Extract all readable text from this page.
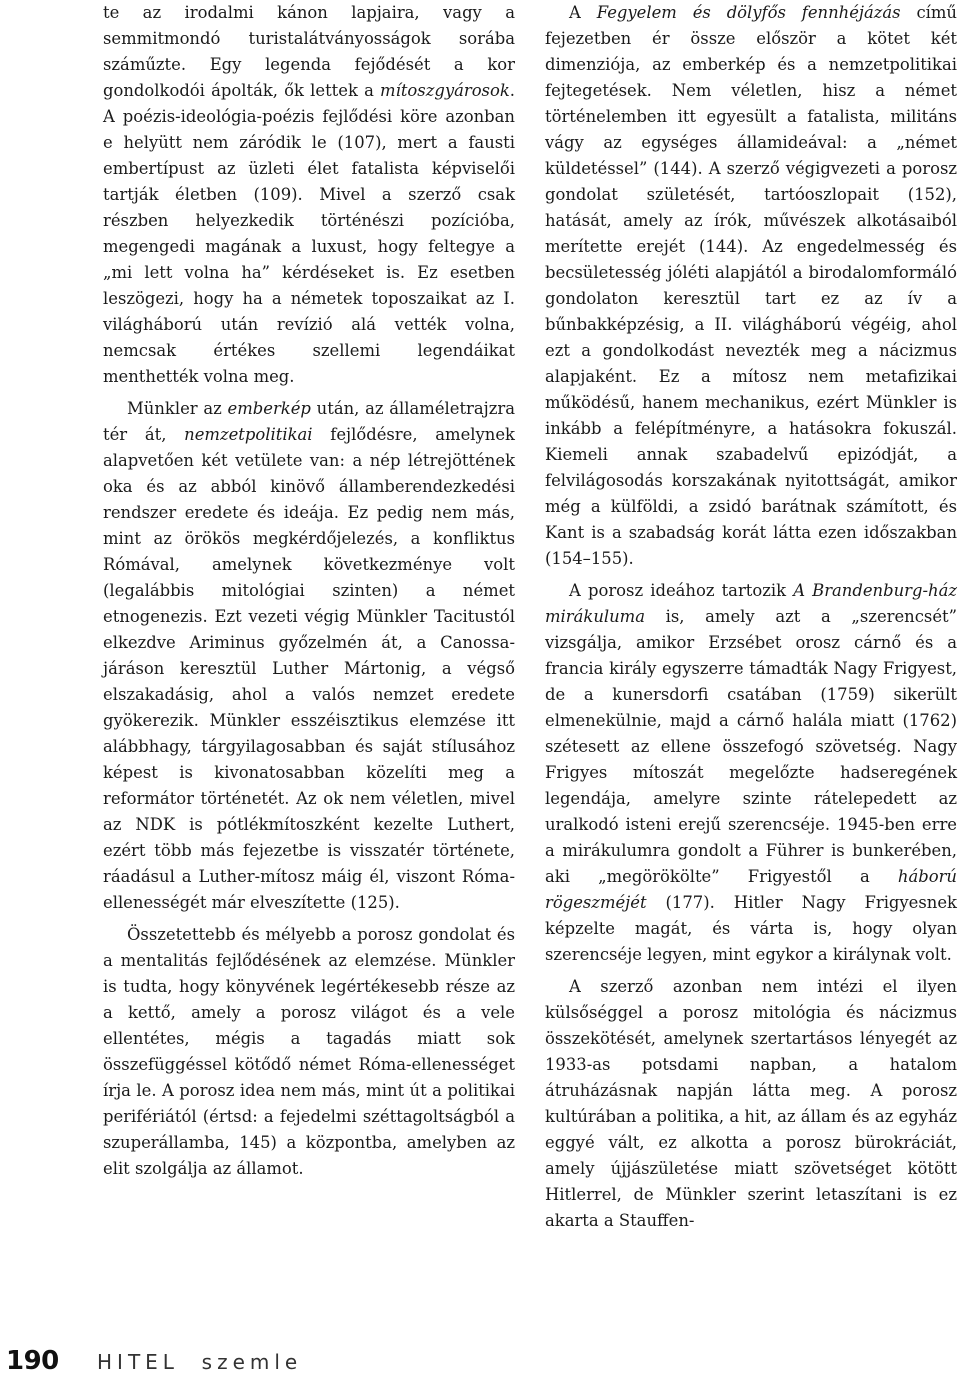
te az irodalmi kánon lapjaira, vagy a semmitmondó turistalátványosságok sorába száműzte. Egy legenda fejődését a kor gondolkodói ápolták, ők lettek a mítoszgyárosok. A poézis-ideológia-poézis fejlődési köre azonban e helyütt nem záródik le (107), mert a fausti embertípust az üzleti élet fatalista képviselői tartják életben (109). Mivel a szerző csak részben helyezkedik történészi pozícióba, megengedi magának a luxust, hogy feltegye a „mi lett volna ha” kérdéseket is. Ez esetben leszögezi, hogy ha a németek toposzaikat az I. világháború után revízió alá vették volna, nemcsak értékes szellemi legendáikat menthették volna meg.

Münkler az emberkép után, az államéletrajzra tér át, nemzetpolitikai fejlődésre, amelynek alapvetően két vetülete van: a nép létrejöttének oka és az abból kinövő államberendezkedési rendszer eredete és ideája. Ez pedig nem más, mint az örökös megkérdőjelezés, a konfliktus Rómával, amelynek következménye volt (legalábbis mitológiai szinten) a német etnogenezis. Ezt vezeti végig Münkler Tacitustól elkezdve Ariminus győzelmén át, a Canossa-járáson keresztül Luther Mártonig, a végső elszakadásig, ahol a valós nemzet eredete gyökerezik. Münkler esszéisztikus elemzése itt alábbhagy, tárgyilagosabban és saját stílusához képest is kivonatosabban közelíti meg a reformátor történetét. Az ok nem véletlen, mivel az NDK is pótlékmítoszként kezelte Luthert, ezért több más fejezetbe is visszatér története, ráadásul a Luther-mítosz máig él, viszont Róma-ellenességét már elveszítette (125).

Összetettebb és mélyebb a porosz gondolat és a mentalitás fejlődésének az elemzése. Münkler is tudta, hogy könyvének legértékesebb része az a kettő, amely a porosz világot és a vele ellentétes, mégis a tagadás miatt sok összefüggéssel kötődő német Róma-ellenességet írja le. A porosz idea nem más, mint út a politikai perifériától (értsd: a fejedelmi széttagoltságból a szuperállamba, 145) a központba, amelyben az elit szolgálja az államot.

A Fegyelem és dölyfős fennhéjázás című fejezetben ér össze először a kötet két dimenziója, az emberkép és a nemzetpolitikai fejtegetések. Nem véletlen, hisz a német történelemben itt egyesült a fatalista, militáns vágy az egységes államideával: a „német küldetéssel” (144). A szerző végigvezeti a porosz gondolat születését, tartóoszlopait (152), hatását, amely az írók, művészek alkotásaiból merítette erejét (144). Az engedelmesség és becsületesség jóléti alapjától a birodalomformáló gondolaton keresztül tart ez az ív a bűnbakképzésig, a II. világháború végéig, ahol ezt a gondolkodást nevezték meg a nácizmus alapjaként. Ez a mítosz nem metafizikai működésű, hanem mechanikus, ezért Münkler is inkább a felépítményre, a hatásokra fokuszál. Kiemeli annak szabadelvű epizódját, a felvilágosodás korszakának nyitottságát, amikor még a külföldi, a zsidó barátnak számított, és Kant is a szabadság korát látta ezen időszakban (154–155).

A porosz ideához tartozik A Brandenburg-ház mirákuluma is, amely azt a „szerencsét” vizsgálja, amikor Erzsébet orosz cárnő és a francia király egyszerre támadták Nagy Frigyest, de a kunersdorfi csatában (1759) sikerült elmenekülnie, majd a cárnő halála miatt (1762) szétesett az ellene összefogó szövetség. Nagy Frigyes mítoszát megelőzte hadseregének legendája, amelyre szinte rátelepedett az uralkodó isteni erejű szerencséje. 1945-ben erre a mirákulumra gondolt a Führer is bunkerében, aki „megörökölte” Frigyestől a háború rögeszméjét (177). Hitler Nagy Frigyesnek képzelte magát, és várta is, hogy olyan szerencséje legyen, mint egykor a királynak volt.

A szerző azonban nem intézi el ilyen külsőséggel a porosz mitológia és nácizmus összekötését, amelynek szertartásos lényegét az 1933-as potsdami napban, a hatalom átruházásnak napján látta meg. A porosz kultúrában a politika, a hit, az állam és az egyház eggyé vált, ez alkotta a porosz bürokráciát, amely újjászületése miatt szövetséget kötött Hitlerrel, de Münkler szerint letaszítani is ez akarta a Stauffen-

190 HITEL  szemle
